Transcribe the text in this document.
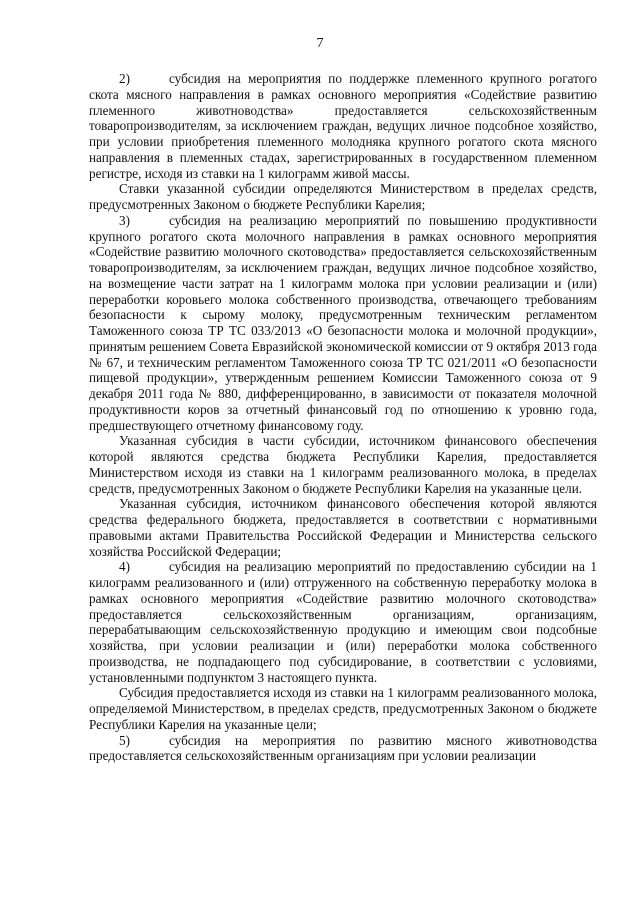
7

2)	субсидия на мероприятия по поддержке племенного крупного рогатого скота мясного направления в рамках основного мероприятия «Содействие развитию племенного животноводства» предоставляется сельскохозяйственным товаропроизводителям, за исключением граждан, ведущих личное подсобное хозяйство, при условии приобретения племенного молодняка крупного рогатого скота мясного направления в племенных стадах, зарегистрированных в государственном племенном регистре, исходя из ставки на 1 килограмм живой массы.

Ставки указанной субсидии определяются Министерством в пределах средств, предусмотренных Законом о бюджете Республики Карелия;

3)	субсидия на реализацию мероприятий по повышению продуктивности крупного рогатого скота молочного направления в рамках основного мероприятия «Содействие развитию молочного скотоводства» предоставляется сельскохозяйственным товаропроизводителям, за исключением граждан, ведущих личное подсобное хозяйство, на возмещение части затрат на 1 килограмм молока при условии реализации и (или) переработки коровьего молока собственного производства, отвечающего требованиям безопасности к сырому молоку, предусмотренным техническим регламентом Таможенного союза ТР ТС 033/2013 «О безопасности молока и молочной продукции», принятым решением Совета Евразийской экономической комиссии от 9 октября 2013 года № 67, и техническим регламентом Таможенного союза ТР ТС 021/2011 «О безопасности пищевой продукции», утвержденным решением Комиссии Таможенного союза от 9 декабря 2011 года № 880, дифференцированно, в зависимости от показателя молочной продуктивности коров за отчетный финансовый год по отношению к уровню года, предшествующего отчетному финансовому году.

Указанная субсидия в части субсидии, источником финансового обеспечения которой являются средства бюджета Республики Карелия, предоставляется Министерством исходя из ставки на 1 килограмм реализованного молока, в пределах средств, предусмотренных Законом о бюджете Республики Карелия на указанные цели.

Указанная субсидия, источником финансового обеспечения которой являются средства федерального бюджета, предоставляется в соответствии с нормативными правовыми актами Правительства Российской Федерации и Министерства сельского хозяйства Российской Федерации;

4)	субсидия на реализацию мероприятий по предоставлению субсидии на 1 килограмм реализованного и (или) отгруженного на собственную переработку молока в рамках основного мероприятия «Содействие развитию молочного скотоводства» предоставляется сельскохозяйственным организациям, организациям, перерабатывающим сельскохозяйственную продукцию и имеющим свои подсобные хозяйства, при условии реализации и (или) переработки молока собственного производства, не подпадающего под субсидирование, в соответствии с условиями, установленными подпунктом 3 настоящего пункта.

Субсидия предоставляется исходя из ставки на 1 килограмм реализованного молока, определяемой Министерством, в пределах средств, предусмотренных Законом о бюджете Республики Карелия на указанные цели;

5)	субсидия на мероприятия по развитию мясного животноводства предоставляется сельскохозяйственным организациям при условии реализации
